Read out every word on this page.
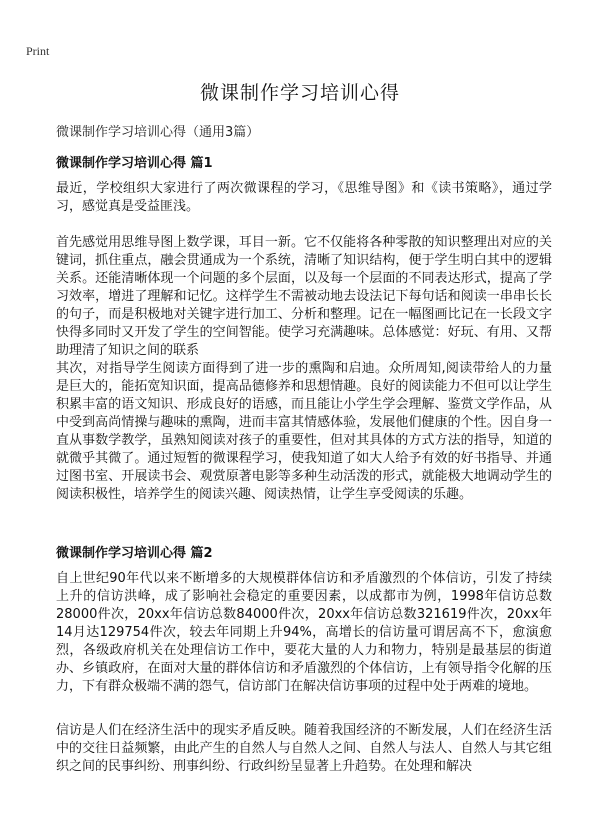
Print
微课制作学习培训心得
微课制作学习培训心得（通用3篇）
微课制作学习培训心得 篇1

最近，学校组织大家进行了两次微课程的学习，《思维导图》和《读书策略》，通过学习，感觉真是受益匪浅。

首先感觉用思维导图上数学课，耳目一新。它不仅能将各种零散的知识整理出对应的关键词，抓住重点，融会贯通成为一个系统，清晰了知识结构，便于学生明白其中的逻辑关系。还能清晰体现一个问题的多个层面，以及每一个层面的不同表达形式，提高了学习效率，增进了理解和记忆。这样学生不需被动地去设法记下每句话和阅读一串串长长的句子，而是积极地对关键字进行加工、分析和整理。记在一幅图画比记在一长段文字快得多同时又开发了学生的空间智能。使学习充满趣味。总体感觉：好玩、有用、又帮助理清了知识之间的联系

其次，对指导学生阅读方面得到了进一步的熏陶和启迪。众所周知,阅读带给人的力量是巨大的，能拓宽知识面，提高品德修养和思想情趣。良好的阅读能力不但可以让学生积累丰富的语文知识、形成良好的语感，而且能让小学生学会理解、鉴赏文学作品，从中受到高尚情操与趣味的熏陶，进而丰富其情感体验，发展他们健康的个性。因自身一直从事数学教学，虽熟知阅读对孩子的重要性，但对其具体的方式方法的指导，知道的就微乎其微了。通过短暂的微课程学习，使我知道了如大人给予有效的好书指导、并通过图书室、开展读书会、观赏原著电影等多种生动活泼的形式，就能极大地调动学生的阅读积极性，培养学生的阅读兴趣、阅读热情，让学生享受阅读的乐趣。

微课制作学习培训心得 篇2

自上世纪90年代以来不断增多的大规模群体信访和矛盾激烈的个体信访，引发了持续上升的信访洪峰，成了影响社会稳定的重要因素，以成都市为例，1998年信访总数28000件次，20xx年信访总数84000件次，20xx年信访总数321619件次，20xx年14月达129754件次，较去年同期上升94%，高增长的信访量可谓居高不下，愈演愈烈，各级政府机关在处理信访工作中，要花大量的人力和物力，特别是最基层的街道办、乡镇政府，在面对大量的群体信访和矛盾激烈的个体信访，上有领导指令化解的压力，下有群众极端不满的怨气，信访部门在解决信访事项的过程中处于两难的境地。

信访是人们在经济生活中的现实矛盾反映。随着我国经济的不断发展，人们在经济生活中的交往日益频繁，由此产生的自然人与自然人之间、自然人与法人、自然人与其它组织之间的民事纠纷、刑事纠纷、行政纠纷呈显著上升趋势。在处理和解决
